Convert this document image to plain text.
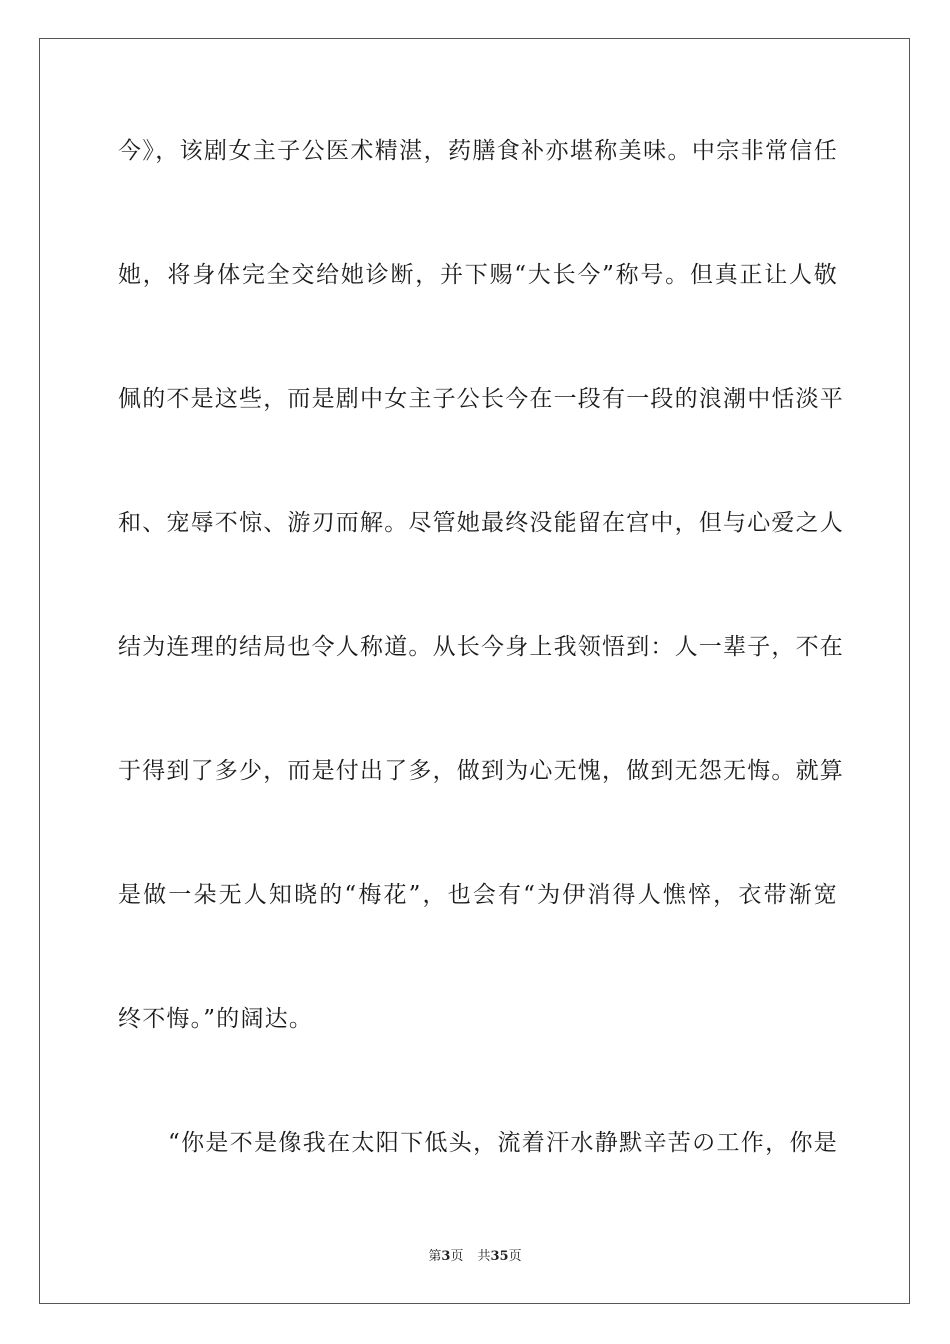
今》，该剧女主子公医术精湛，药膳食补亦堪称美味。中宗非常信任
她，将身体完全交给她诊断，并下赐“大长今”称号。但真正让人敬
佩的不是这些，而是剧中女主子公长今在一段有一段的浪潮中恬淡平
和、宠辱不惊、游刃而解。尽管她最终没能留在宫中，但与心爱之人
结为连理的结局也令人称道。从长今身上我领悟到：人一辈子，不在
于得到了多少，而是付出了多，做到为心无愧，做到无怨无悔。就算
是做一朵无人知晓的“梅花”，也会有“为伊消得人憔悴，衣带渐宽
终不悔。”的阔达。
“你是不是像我在太阳下低头，流着汗水静默辛苦の工作，你是
第3页 共35页
